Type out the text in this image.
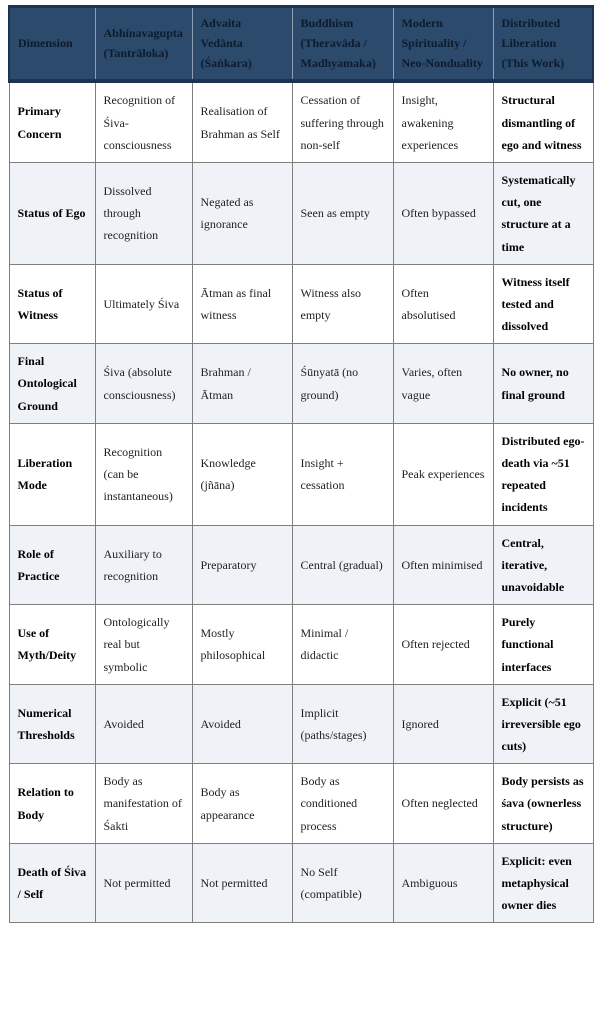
Dimension	Abhínavagupta (Tantrāloka)	Advaita Vedānta (Śaṅkara)	Buddhism (Theravāda / Madhyamaka)	Modern Spirituality / Neo-Nonduality	Distributed Liberation (This Work)
Primary Concern	Recognition of Śiva-consciousness	Realisation of Brahman as Self	Cessation of suffering through non-self	Insight, awakening experiences	Structural dismantling of ego and witness
Status of Ego	Dissolved through recognition	Negated as ignorance	Seen as empty	Often bypassed	Systematically cut, one structure at a time
Status of Witness	Ultimately Śiva	Ātman as final witness	Witness also empty	Often absolutised	Witness itself tested and dissolved
Final Ontological Ground	Śiva (absolute consciousness)	Brahman / Ātman	Śūnyatā (no ground)	Varies, often vague	No owner, no final ground
Liberation Mode	Recognition (can be instantaneous)	Knowledge (jñāna)	Insight + cessation	Peak experiences	Distributed ego-death via ~51 repeated incidents
Role of Practice	Auxiliary to recognition	Preparatory	Central (gradual)	Often minimised	Central, iterative, unavoidable
Use of Myth/Deity	Ontologically real but symbolic	Mostly philosophical	Minimal / didactic	Often rejected	Purely functional interfaces
Numerical Thresholds	Avoided	Avoided	Implicit (paths/stages)	Ignored	Explicit (~51 irreversible ego cuts)
Relation to Body	Body as manifestation of Śakti	Body as appearance	Body as conditioned process	Often neglected	Body persists as śava (ownerless structure)
Death of Śiva / Self	Not permitted	Not permitted	No Self (compatible)	Ambiguous	Explicit: even metaphysical owner dies
